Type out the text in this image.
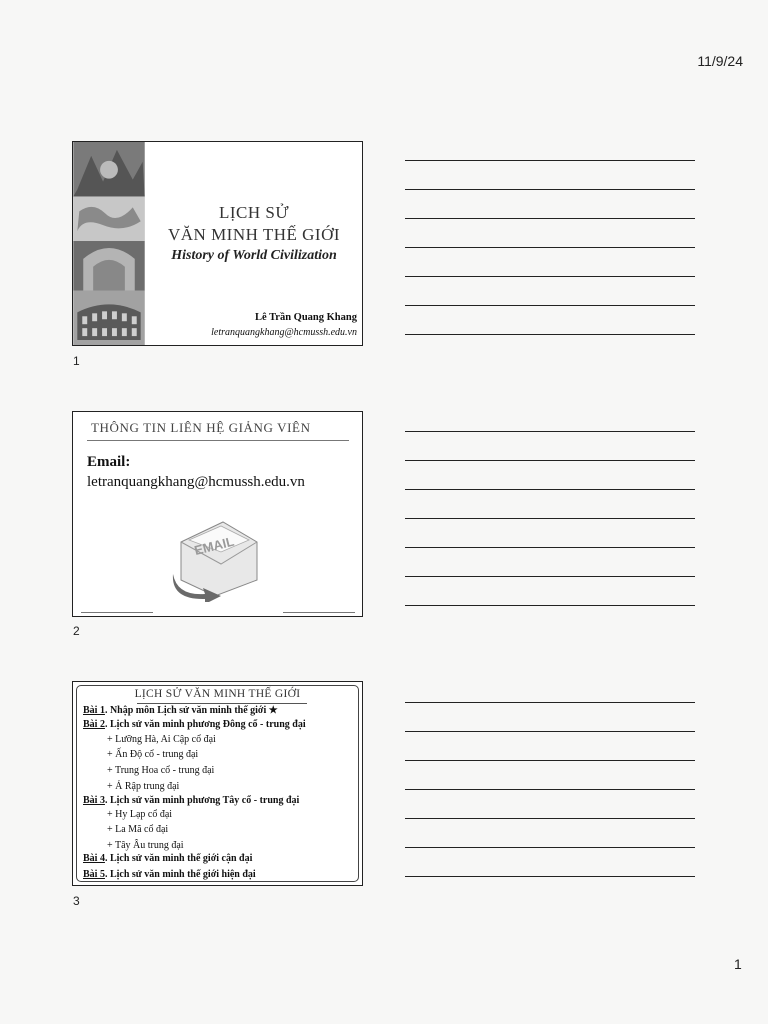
11/9/24
LỊCH SỬ
VĂN MINH THẾ GIỚI
History of World Civilization
Lê Trần Quang Khang
letranquangkhang@hcmussh.edu.vn
1
THÔNG TIN LIÊN HỆ GIẢNG VIÊN
Email:
letranquangkhang@hcmussh.edu.vn
EMAIL
2
LỊCH SỬ VĂN MINH THẾ GIỚI
Bài 1. Nhập môn Lịch sử văn minh thế giới ★
Bài 2. Lịch sử văn minh phương Đông cổ - trung đại
+ Lưỡng Hà, Ai Cập cổ đại
+ Ấn Độ cổ - trung đại
+ Trung Hoa cổ - trung đại
+ Ả Rập trung đại
Bài 3. Lịch sử văn minh phương Tây cổ - trung đại
+ Hy Lạp cổ đại
+ La Mã cổ đại
+ Tây Âu trung đại
Bài 4. Lịch sử văn minh thế giới cận đại
Bài 5. Lịch sử văn minh thế giới hiện đại
3
1
